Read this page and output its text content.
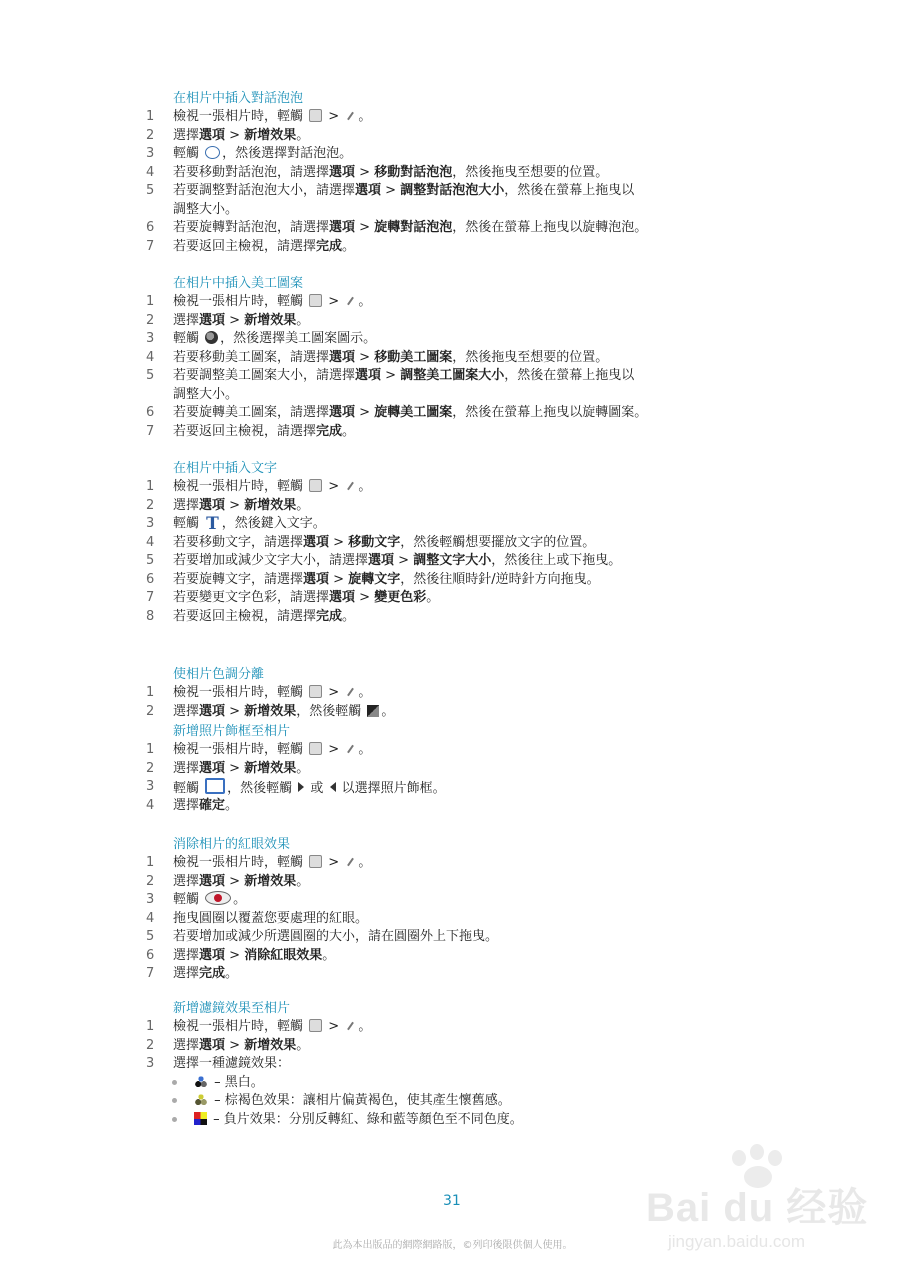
在相片中插入對話泡泡
1	檢視一張相片時，輕觸  > 。
2	選擇選項 > 新增效果。
3	輕觸 ，然後選擇對話泡泡。
4	若要移動對話泡泡，請選擇選項 > 移動對話泡泡，然後拖曳至想要的位置。
5	若要調整對話泡泡大小，請選擇選項 > 調整對話泡泡大小，然後在螢幕上拖曳以
調整大小。
6	若要旋轉對話泡泡，請選擇選項 > 旋轉對話泡泡，然後在螢幕上拖曳以旋轉泡泡。
7	若要返回主檢視，請選擇完成。
在相片中插入美工圖案
1	檢視一張相片時，輕觸  > 。
2	選擇選項 > 新增效果。
3	輕觸 ，然後選擇美工圖案圖示。
4	若要移動美工圖案，請選擇選項 > 移動美工圖案，然後拖曳至想要的位置。
5	若要調整美工圖案大小，請選擇選項 > 調整美工圖案大小，然後在螢幕上拖曳以
調整大小。
6	若要旋轉美工圖案，請選擇選項 > 旋轉美工圖案，然後在螢幕上拖曳以旋轉圖案。
7	若要返回主檢視，請選擇完成。
在相片中插入文字
1	檢視一張相片時，輕觸  > 。
2	選擇選項 > 新增效果。
3	輕觸 T ，然後鍵入文字。
4	若要移動文字，請選擇選項 > 移動文字，然後輕觸想要擺放文字的位置。
5	若要增加或減少文字大小，請選擇選項 > 調整文字大小，然後往上或下拖曳。
6	若要旋轉文字，請選擇選項 > 旋轉文字，然後往順時針/逆時針方向拖曳。
7	若要變更文字色彩，請選擇選項 > 變更色彩。
8	若要返回主檢視，請選擇完成。
使相片色調分離
1	檢視一張相片時，輕觸  > 。
2	選擇選項 > 新增效果，然後輕觸 。
新增照片飾框至相片
1	檢視一張相片時，輕觸  > 。
2	選擇選項 > 新增效果。
3	輕觸 ，然後輕觸  或  以選擇照片飾框。
4	選擇確定。
消除相片的紅眼效果
1	檢視一張相片時，輕觸  > 。
2	選擇選項 > 新增效果。
3	輕觸 。
4	拖曳圓圈以覆蓋您要處理的紅眼。
5	若要增加或減少所選圓圈的大小，請在圓圈外上下拖曳。
6	選擇選項 > 消除紅眼效果。
7	選擇完成。
新增濾鏡效果至相片
1	檢視一張相片時，輕觸  > 。
2	選擇選項 > 新增效果。
3	選擇一種濾鏡效果：
– 黑白。
– 棕褐色效果：讓相片偏黃褐色，使其產生懷舊感。
– 負片效果：分別反轉紅、綠和藍等顏色至不同色度。
31
此為本出版品的網際網路版，©列印後限供個人使用。
Bai du 经验
jingyan.baidu.com
